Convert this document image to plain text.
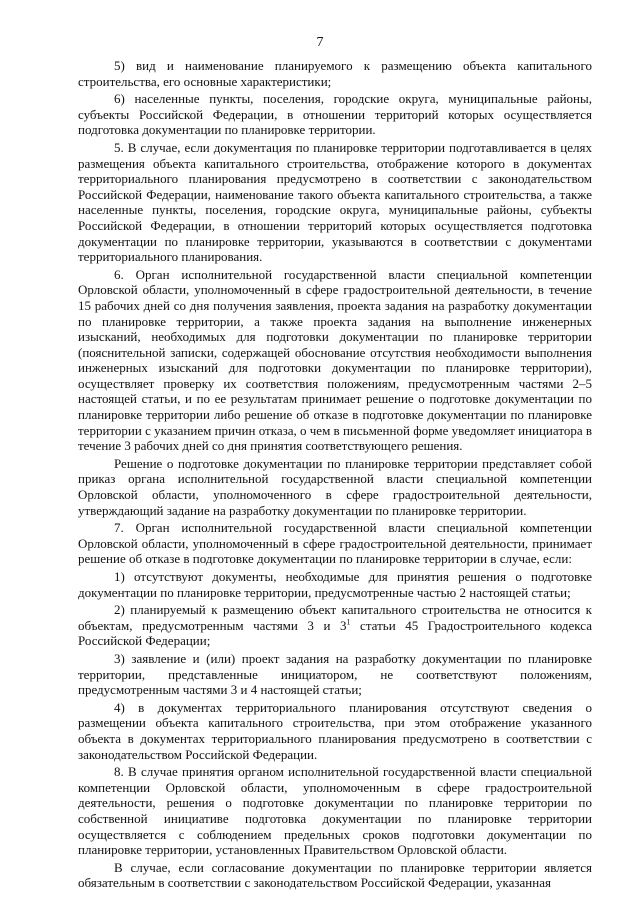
7

5) вид и наименование планируемого к размещению объекта капитального строительства, его основные характеристики;

6) населенные пункты, поселения, городские округа, муниципальные районы, субъекты Российской Федерации, в отношении территорий которых осуществляется подготовка документации по планировке территории.

5. В случае, если документация по планировке территории подготавливается в целях размещения объекта капитального строительства, отображение которого в документах территориального планирования предусмотрено в соответствии с законодательством Российской Федерации, наименование такого объекта капитального строительства, а также населенные пункты, поселения, городские округа, муниципальные районы, субъекты Российской Федерации, в отношении территорий которых осуществляется подготовка документации по планировке территории, указываются в соответствии с документами территориального планирования.

6. Орган исполнительной государственной власти специальной компетенции Орловской области, уполномоченный в сфере градостроительной деятельности, в течение 15 рабочих дней со дня получения заявления, проекта задания на разработку документации по планировке территории, а также проекта задания на выполнение инженерных изысканий, необходимых для подготовки документации по планировке территории (пояснительной записки, содержащей обоснование отсутствия необходимости выполнения инженерных изысканий для подготовки документации по планировке территории), осуществляет проверку их соответствия положениям, предусмотренным частями 2–5 настоящей статьи, и по ее результатам принимает решение о подготовке документации по планировке территории либо решение об отказе в подготовке документации по планировке территории с указанием причин отказа, о чем в письменной форме уведомляет инициатора в течение 3 рабочих дней со дня принятия соответствующего решения.

Решение о подготовке документации по планировке территории представляет собой приказ органа исполнительной государственной власти специальной компетенции Орловской области, уполномоченного в сфере градостроительной деятельности, утверждающий задание на разработку документации по планировке территории.

7. Орган исполнительной государственной власти специальной компетенции Орловской области, уполномоченный в сфере градостроительной деятельности, принимает решение об отказе в подготовке документации по планировке территории в случае, если:

1) отсутствуют документы, необходимые для принятия решения о подготовке документации по планировке территории, предусмотренные частью 2 настоящей статьи;

2) планируемый к размещению объект капитального строительства не относится к объектам, предусмотренным частями 3 и $3^1$ статьи 45 Градостроительного кодекса Российской Федерации;

3) заявление и (или) проект задания на разработку документации по планировке территории, представленные инициатором, не соответствуют положениям, предусмотренным частями 3 и 4 настоящей статьи;

4) в документах территориального планирования отсутствуют сведения о размещении объекта капитального строительства, при этом отображение указанного объекта в документах территориального планирования предусмотрено в соответствии с законодательством Российской Федерации.

8. В случае принятия органом исполнительной государственной власти специальной компетенции Орловской области, уполномоченным в сфере градостроительной деятельности, решения о подготовке документации по планировке территории по собственной инициативе подготовка документации по планировке территории осуществляется с соблюдением предельных сроков подготовки документации по планировке территории, установленных Правительством Орловской области.

В случае, если согласование документации по планировке территории является обязательным в соответствии с законодательством Российской Федерации, указанная
